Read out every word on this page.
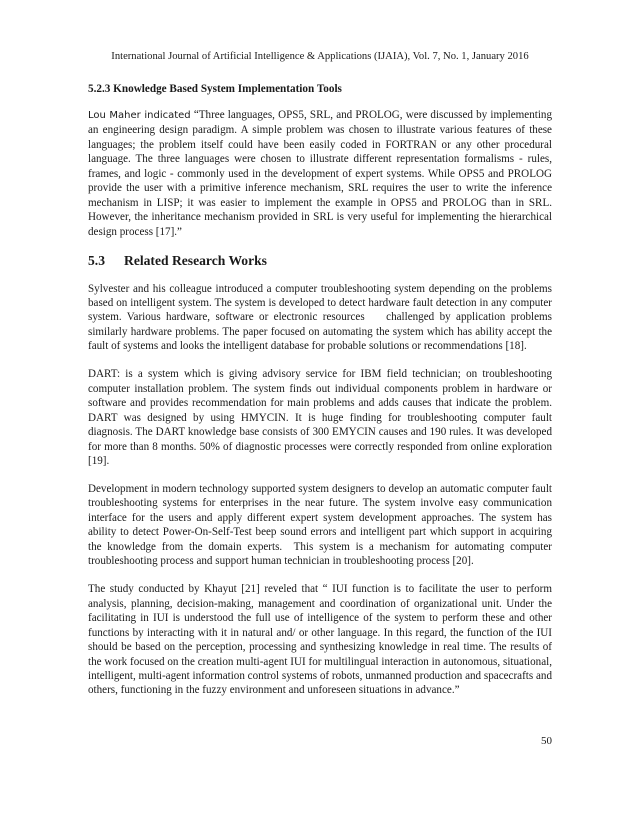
International Journal of Artificial Intelligence & Applications (IJAIA), Vol. 7, No. 1, January 2016
5.2.3 Knowledge Based System Implementation Tools

Lou Maher indicated “Three languages, OPS5, SRL, and PROLOG, were discussed by implementing an engineering design paradigm. A simple problem was chosen to illustrate various features of these languages; the problem itself could have been easily coded in FORTRAN or any other procedural language. The three languages were chosen to illustrate different representation formalisms - rules, frames, and logic - commonly used in the development of expert systems. While OPS5 and PROLOG provide the user with a primitive inference mechanism, SRL requires the user to write the inference mechanism in LISP; it was easier to implement the example in OPS5 and PROLOG than in SRL. However, the inheritance mechanism provided in SRL is very useful for implementing the hierarchical design process [17].”

5.3 Related Research Works

Sylvester and his colleague introduced a computer troubleshooting system depending on the problems based on intelligent system. The system is developed to detect hardware fault detection in any computer system. Various hardware, software or electronic resources    challenged by application problems similarly hardware problems. The paper focused on automating the system which has ability accept the fault of systems and looks the intelligent database for probable solutions or recommendations [18].

DART: is a system which is giving advisory service for IBM field technician; on troubleshooting computer installation problem. The system finds out individual components problem in hardware or software and provides recommendation for main problems and adds causes that indicate the problem. DART was designed by using HMYCIN. It is huge finding for troubleshooting computer fault diagnosis. The DART knowledge base consists of 300 EMYCIN causes and 190 rules. It was developed for more than 8 months. 50% of diagnostic processes were correctly responded from online exploration [19].

Development in modern technology supported system designers to develop an automatic computer fault troubleshooting systems for enterprises in the near future. The system involve easy communication interface for the users and apply different expert system development approaches. The system has ability to detect Power-On-Self-Test beep sound errors and intelligent part which support in acquiring the knowledge from the domain experts.  This system is a mechanism for automating computer troubleshooting process and support human technician in troubleshooting process [20].

The study conducted by Khayut [21] reveled that “ IUI function is to facilitate the user to perform analysis, planning, decision-making, management and coordination of organizational unit. Under the facilitating in IUI is understood the full use of intelligence of the system to perform these and other functions by interacting with it in natural and/ or other language. In this regard, the function of the IUI should be based on the perception, processing and synthesizing knowledge in real time. The results of the work focused on the creation multi-agent IUI for multilingual interaction in autonomous, situational, intelligent, multi-agent information control systems of robots, unmanned production and spacecrafts and others, functioning in the fuzzy environment and unforeseen situations in advance.”

50
